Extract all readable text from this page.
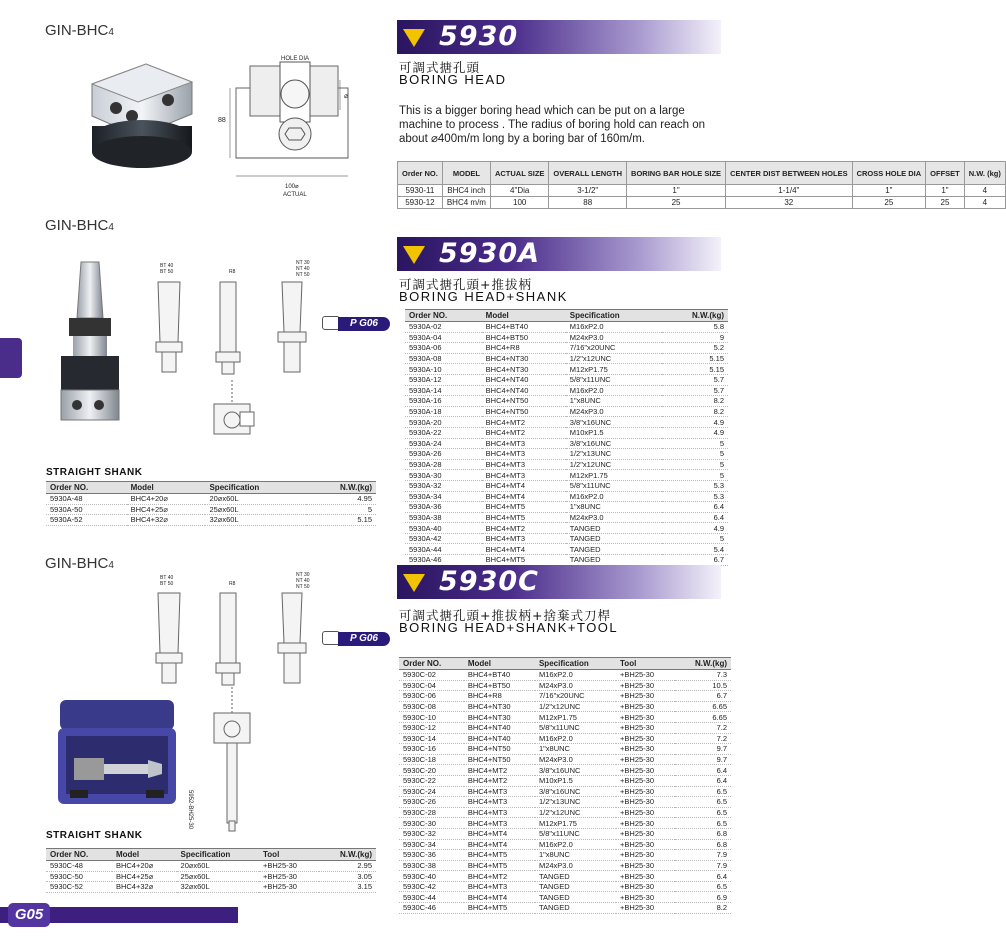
GIN-BHC4
HOLE DIA
88
100⌀
ACTUAL
⌀
5930
可調式搪孔頭
BORING HEAD
This is a bigger boring head which can be put on a large machine to process . The radius of boring hold can reach on about ⌀400m/m long by a boring bar of 160m/m.
Order NO.	MODEL	ACTUAL SIZE	OVERALL LENGTH	BORING BAR HOLE SIZE	CENTER DIST BETWEEN HOLES	CROSS HOLE DIA	OFFSET	N.W. (kg)
5930-11	BHC4 inch	4"Dia	3-1/2"	1"	1-1/4"	1"	1"	4
5930-12	BHC4 m/m	100	88	25	32	25	25	4
GIN-BHC4
BT 40
BT 50	R8
NT 30
NT 40
NT 50
P G06
5930A
可調式搪孔頭+推拔柄
BORING HEAD+SHANK
Order NO.	Model	Specification	N.W.(kg)
5930A-02	BHC4+BT40	M16xP2.0	5.8
5930A-04	BHC4+BT50	M24xP3.0	9
5930A-06	BHC4+R8	7/16"x20UNC	5.2
5930A-08	BHC4+NT30	1/2"x12UNC	5.15
5930A-10	BHC4+NT30	M12xP1.75	5.15
5930A-12	BHC4+NT40	5/8"x11UNC	5.7
5930A-14	BHC4+NT40	M16xP2.0	5.7
5930A-16	BHC4+NT50	1"x8UNC	8.2
5930A-18	BHC4+NT50	M24xP3.0	8.2
5930A-20	BHC4+MT2	3/8"x16UNC	4.9
5930A-22	BHC4+MT2	M10xP1.5	4.9
5930A-24	BHC4+MT3	3/8"x16UNC	5
5930A-26	BHC4+MT3	1/2"x13UNC	5
5930A-28	BHC4+MT3	1/2"x12UNC	5
5930A-30	BHC4+MT3	M12xP1.75	5
5930A-32	BHC4+MT4	5/8"x11UNC	5.3
5930A-34	BHC4+MT4	M16xP2.0	5.3
5930A-36	BHC4+MT5	1"x8UNC	6.4
5930A-38	BHC4+MT5	M24xP3.0	6.4
5930A-40	BHC4+MT2	TANGED	4.9
5930A-42	BHC4+MT3	TANGED	5
5930A-44	BHC4+MT4	TANGED	5.4
5930A-46	BHC4+MT5	TANGED	6.7
STRAIGHT SHANK
Order NO.	Model	Specification	N.W.(kg)
5930A-48	BHC4+20⌀	20⌀x60L	4.95
5930A-50	BHC4+25⌀	25⌀x60L	5
5930A-52	BHC4+32⌀	32⌀x60L	5.15
GIN-BHC4
BT 40
BT 50	R8
NT 30
NT 40
NT 50
5952-BH25-30
P G06
5930C
可調式搪孔頭+推拔柄+捨棄式刀桿
BORING HEAD+SHANK+TOOL
Order NO.	Model	Specification	Tool	N.W.(kg)
5930C-02	BHC4+BT40	M16xP2.0	+BH25-30	7.3
5930C-04	BHC4+BT50	M24xP3.0	+BH25-30	10.5
5930C-06	BHC4+R8	7/16"x20UNC	+BH25-30	6.7
5930C-08	BHC4+NT30	1/2"x12UNC	+BH25-30	6.65
5930C-10	BHC4+NT30	M12xP1.75	+BH25-30	6.65
5930C-12	BHC4+NT40	5/8"x11UNC	+BH25-30	7.2
5930C-14	BHC4+NT40	M16xP2.0	+BH25-30	7.2
5930C-16	BHC4+NT50	1"x8UNC	+BH25-30	9.7
5930C-18	BHC4+NT50	M24xP3.0	+BH25-30	9.7
5930C-20	BHC4+MT2	3/8"x16UNC	+BH25-30	6.4
5930C-22	BHC4+MT2	M10xP1.5	+BH25-30	6.4
5930C-24	BHC4+MT3	3/8"x16UNC	+BH25-30	6.5
5930C-26	BHC4+MT3	1/2"x13UNC	+BH25-30	6.5
5930C-28	BHC4+MT3	1/2"x12UNC	+BH25-30	6.5
5930C-30	BHC4+MT3	M12xP1.75	+BH25-30	6.5
5930C-32	BHC4+MT4	5/8"x11UNC	+BH25-30	6.8
5930C-34	BHC4+MT4	M16xP2.0	+BH25-30	6.8
5930C-36	BHC4+MT5	1"x8UNC	+BH25-30	7.9
5930C-38	BHC4+MT5	M24xP3.0	+BH25-30	7.9
5930C-40	BHC4+MT2	TANGED	+BH25-30	6.4
5930C-42	BHC4+MT3	TANGED	+BH25-30	6.5
5930C-44	BHC4+MT4	TANGED	+BH25-30	6.9
5930C-46	BHC4+MT5	TANGED	+BH25-30	8.2
STRAIGHT SHANK
Order NO.	Model	Specification	Tool	N.W.(kg)
5930C-48	BHC4+20⌀	20⌀x60L	+BH25-30	2.95
5930C-50	BHC4+25⌀	25⌀x60L	+BH25-30	3.05
5930C-52	BHC4+32⌀	32⌀x60L	+BH25-30	3.15
G05
